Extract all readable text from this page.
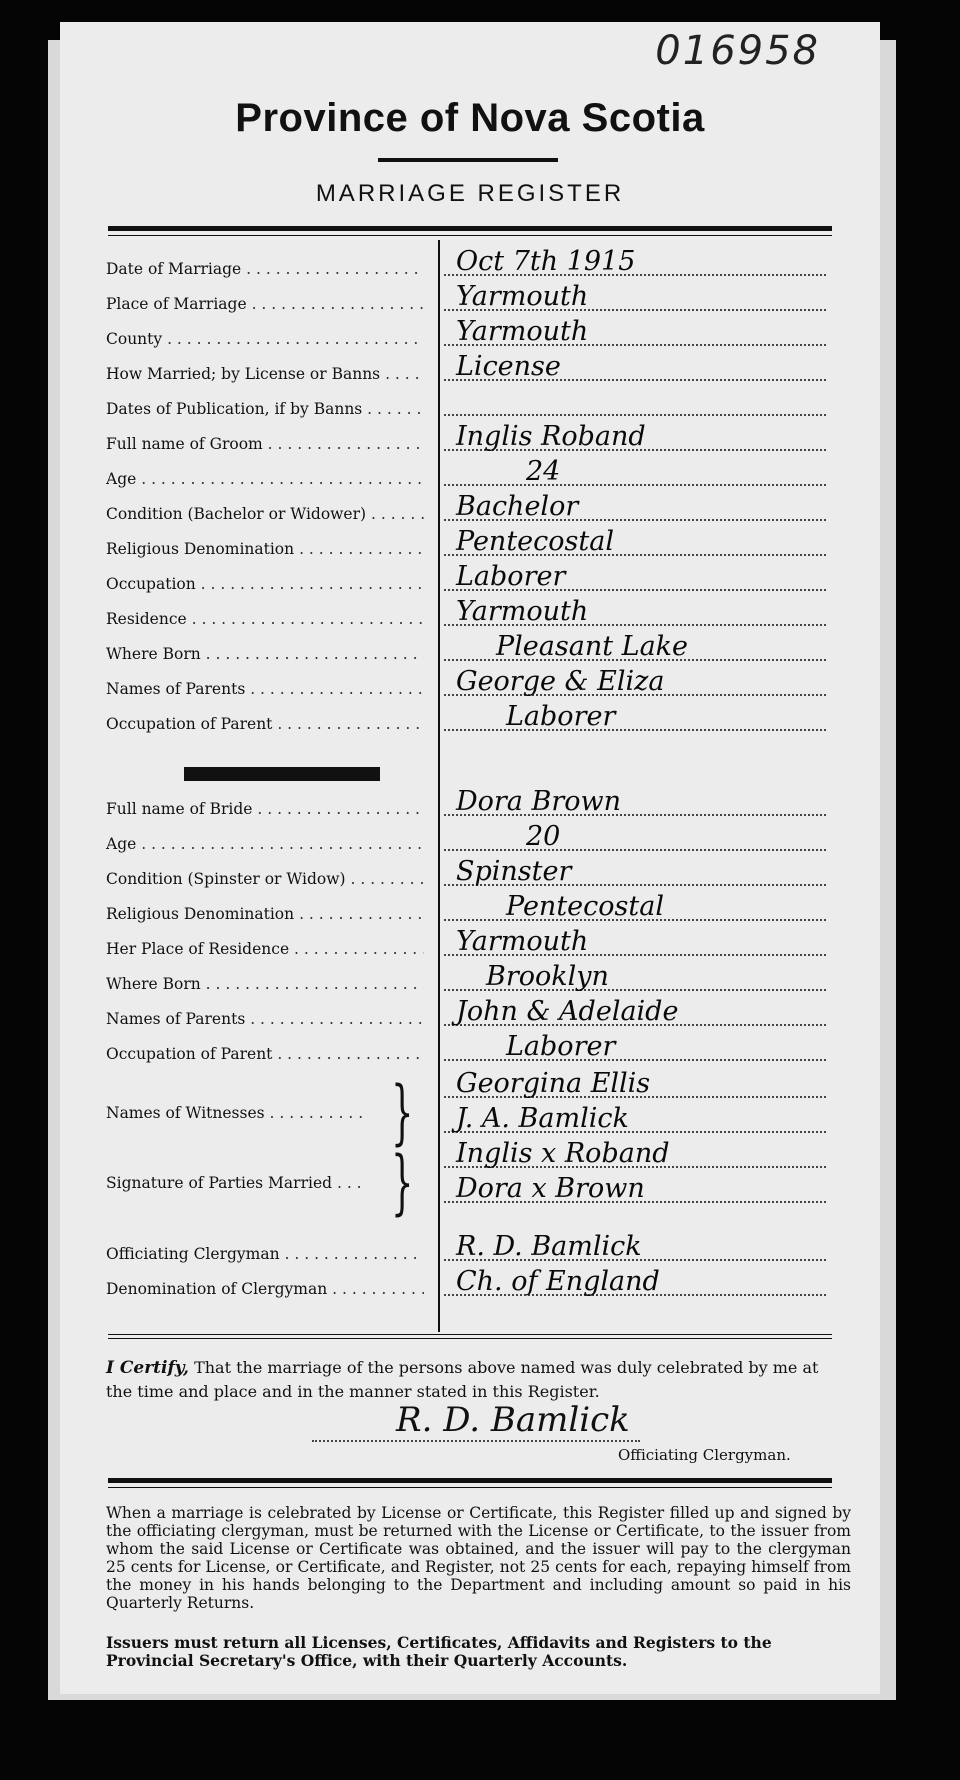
016958
Province of Nova Scotia
MARRIAGE REGISTER
Date of Marriage . . .	Oct 7th 1915
Place of Marriage . . .	Yarmouth
County . . .	Yarmouth
How Married; by License or Banns . . .	License
Dates of Publication, if by Banns . . .
Full name of Groom . . .	Inglis Roband
Age . . .	24
Condition (Bachelor or Widower) . . .	Bachelor
Religious Denomination . . .	Pentecostal
Occupation . . .	Laborer
Residence . . .	Yarmouth
Where Born . . .	Pleasant Lake
Names of Parents . . .	George & Eliza
Occupation of Parent . . .	Laborer
Full name of Bride . . .	Dora Brown
Age . . .	20
Condition (Spinster or Widow) . . .	Spinster
Religious Denomination . . .	Pentecostal
Her Place of Residence . . .	Yarmouth
Where Born . . .	Brooklyn
Names of Parents . . .	John & Adelaide
Occupation of Parent . . .	Laborer
Names of Witnesses . . . . . . . . . . } Georgina Ellis
J. A. Bamlick
Signature of Parties Married . . . } Inglis x Roband
Dora x Brown
Officiating Clergyman . . .	R. D. Bamlick
Denomination of Clergyman . . .	Ch. of England
I Certify, That the marriage of the persons above named was duly celebrated by me at the time and place and in the manner stated in this Register.
R. D. Bamlick
Officiating Clergyman.
When a marriage is celebrated by License or Certificate, this Register filled up and signed by the officiating clergyman, must be returned with the License or Certificate, to the issuer from whom the said License or Certificate was obtained, and the issuer will pay to the clergyman 25 cents for License, or Certificate, and Register, not 25 cents for each, repaying himself from the money in his hands belonging to the Department and including amount so paid in his Quarterly Returns.
Issuers must return all Licenses, Certificates, Affidavits and Registers to the Provincial Secretary's Office, with their Quarterly Accounts.
